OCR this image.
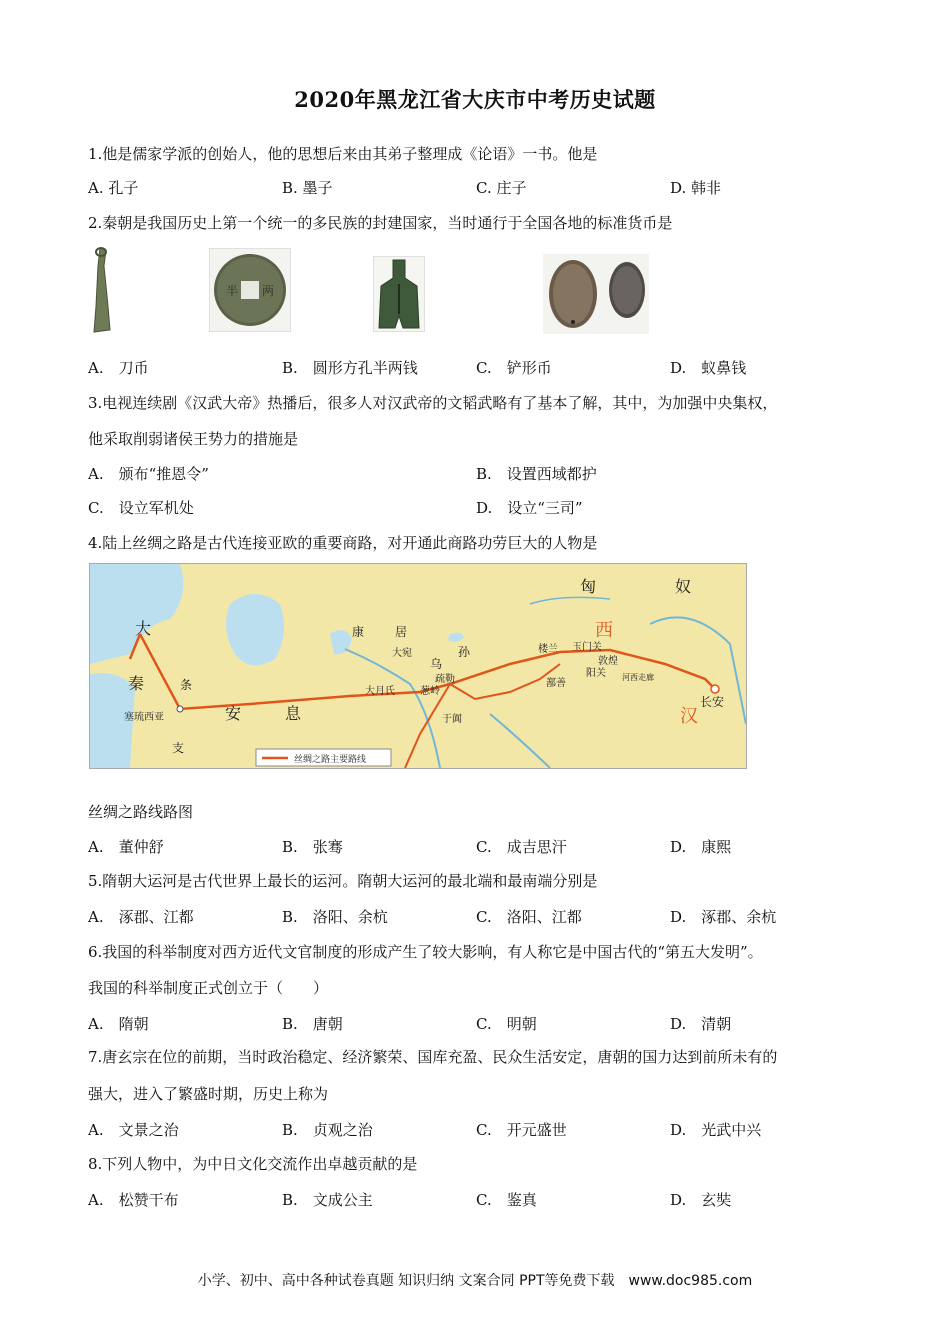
2020年黑龙江省大庆市中考历史试题
1.他是儒家学派的创始人，他的思想后来由其弟子整理成《论语》一书。他是
A. 孔子	B. 墨子	C. 庄子	D. 韩非
2.秦朝是我国历史上第一个统一的多民族的封建国家，当时通行于全国各地的标准货币是
半 两
A.　刀币	B.　圆形方孔半两钱	C.　铲形币	D.　蚁鼻钱
3.电视连续剧《汉武大帝》热播后，很多人对汉武帝的文韬武略有了基本了解，其中，为加强中央集权，
他采取削弱诸侯王势力的措施是
A.　颁布“推恩令”	B.　设置西域都护
C.　设立军机处	D.　设立“三司”
4.陆上丝绸之路是古代连接亚欧的重要商路，对开通此商路功劳巨大的人物是
匈	奴
大
秦
安	息
条
支
康	居
乌
孙
大宛
疏勒
大月氏	葱岭
楼兰 玉门关
敦煌
阳关
鄯善
于阗
河西走廊
塞琉西亚
长安
西
汉
丝绸之路主要路线
丝绸之路线路图
A.　董仲舒	B.　张骞	C.　成吉思汗	D.　康熙
5.隋朝大运河是古代世界上最长的运河。隋朝大运河的最北端和最南端分别是
A.　涿郡、江都	B.　洛阳、余杭	C.　洛阳、江都	D.　涿郡、余杭
6.我国的科举制度对西方近代文官制度的形成产生了较大影响，有人称它是中国古代的“第五大发明”。
我国的科举制度正式创立于（　　）
A.　隋朝	B.　唐朝	C.　明朝	D.　清朝
7.唐玄宗在位的前期，当时政治稳定、经济繁荣、国库充盈、民众生活安定，唐朝的国力达到前所未有的
强大，进入了繁盛时期，历史上称为
A.　文景之治	B.　贞观之治	C.　开元盛世	D.　光武中兴
8.下列人物中，为中日文化交流作出卓越贡献的是
A.　松赞干布	B.　文成公主	C.　鉴真	D.　玄奘
小学、初中、高中各种试卷真题 知识归纳 文案合同 PPT等免费下载　www.doc985.com
